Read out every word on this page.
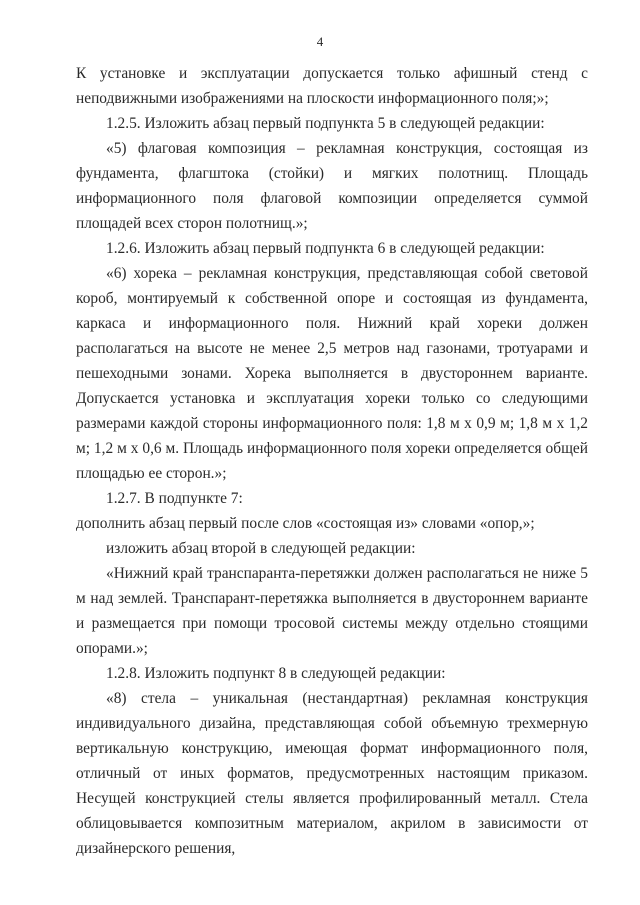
4

К установке и эксплуатации допускается только афишный стенд с неподвижными изображениями на плоскости информационного поля;»;

1.2.5. Изложить абзац первый подпункта 5 в следующей редакции:

«5) флаговая композиция – рекламная конструкция, состоящая из фундамента, флагштока (стойки) и мягких полотнищ. Площадь информационного поля флаговой композиции определяется суммой площадей всех сторон полотнищ.»;

1.2.6. Изложить абзац первый подпункта 6 в следующей редакции:

«6) хорека – рекламная конструкция, представляющая собой световой короб, монтируемый к собственной опоре и состоящая из фундамента, каркаса и информационного поля. Нижний край хореки должен располагаться на высоте не менее 2,5 метров над газонами, тротуарами и пешеходными зонами. Хорека выполняется в двустороннем варианте. Допускается установка и эксплуатация хореки только со следующими размерами каждой стороны информационного поля: 1,8 м х 0,9 м; 1,8 м х 1,2 м; 1,2 м х 0,6 м. Площадь информационного поля хореки определяется общей площадью ее сторон.»;

1.2.7. В подпункте 7:

дополнить абзац первый после слов «состоящая из» словами «опор,»;

изложить абзац второй в следующей редакции:

«Нижний край транспаранта-перетяжки должен располагаться не ниже 5 м над землей. Транспарант-перетяжка выполняется в двустороннем варианте и размещается при помощи тросовой системы между отдельно стоящими опорами.»;

1.2.8. Изложить подпункт 8 в следующей редакции:

«8) стела – уникальная (нестандартная) рекламная конструкция индивидуального дизайна, представляющая собой объемную трехмерную вертикальную конструкцию, имеющая формат информационного поля, отличный от иных форматов, предусмотренных настоящим приказом. Несущей конструкцией стелы является профилированный металл. Стела облицовывается композитным материалом, акрилом в зависимости от дизайнерского решения,
